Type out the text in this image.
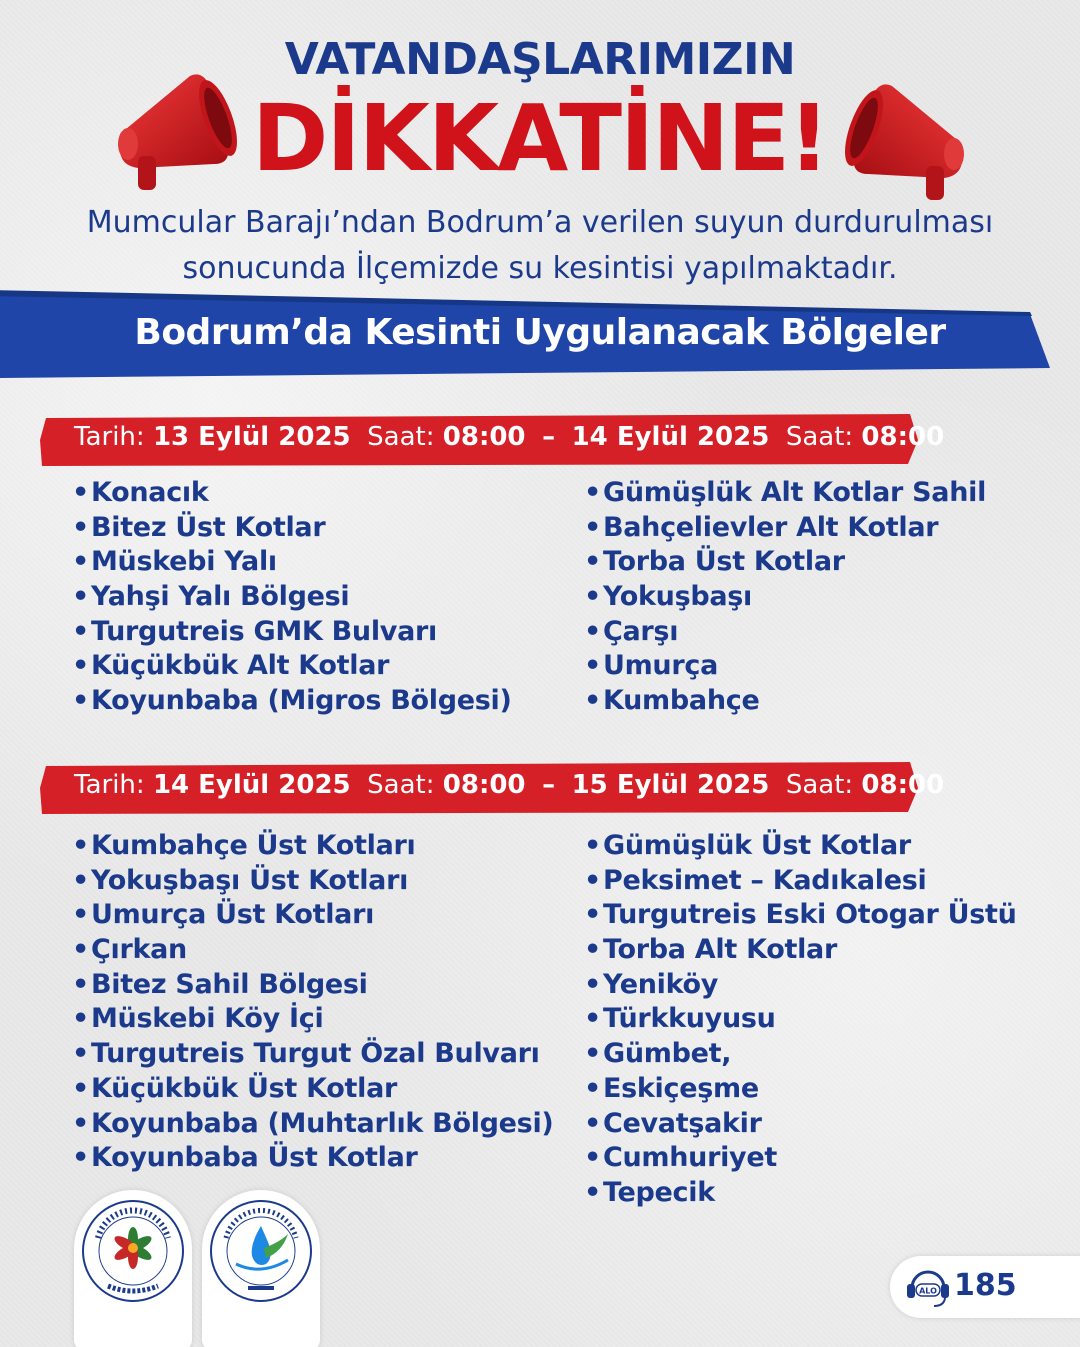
VATANDAŞLARIMIZIN
DİKKATİNE!
Mumcular Barajı’ndan Bodrum’a verilen suyun durdurulması
sonucunda İlçemizde su kesintisi yapılmaktadır.
Bodrum’da Kesinti Uygulanacak Bölgeler
Tarih: 13 Eylül 2025 Saat: 08:00 – 14 Eylül 2025 Saat: 08:00
• Konacık
• Bitez Üst Kotlar
• Müskebi Yalı
• Yahşi Yalı Bölgesi
• Turgutreis GMK Bulvarı
• Küçükbük Alt Kotlar
• Koyunbaba (Migros Bölgesi)
• Gümüşlük Alt Kotlar Sahil
• Bahçelievler Alt Kotlar
• Torba Üst Kotlar
• Yokuşbaşı
• Çarşı
• Umurça
• Kumbahçe
Tarih: 14 Eylül 2025 Saat: 08:00 – 15 Eylül 2025 Saat: 08:00
• Kumbahçe Üst Kotları
• Yokuşbaşı Üst Kotları
• Umurça Üst Kotları
• Çırkan
• Bitez Sahil Bölgesi
• Müskebi Köy İçi
• Turgutreis Turgut Özal Bulvarı
• Küçükbük Üst Kotlar
• Koyunbaba (Muhtarlık Bölgesi)
• Koyunbaba Üst Kotlar
• Gümüşlük Üst Kotlar
• Peksimet – Kadıkalesi
• Turgutreis Eski Otogar Üstü
• Torba Alt Kotlar
• Yeniköy
• Türkkuyusu
• Gümbet,
• Eskiçeşme
• Cevatşakir
• Cumhuriyet
• Tepecik
ALO 185
